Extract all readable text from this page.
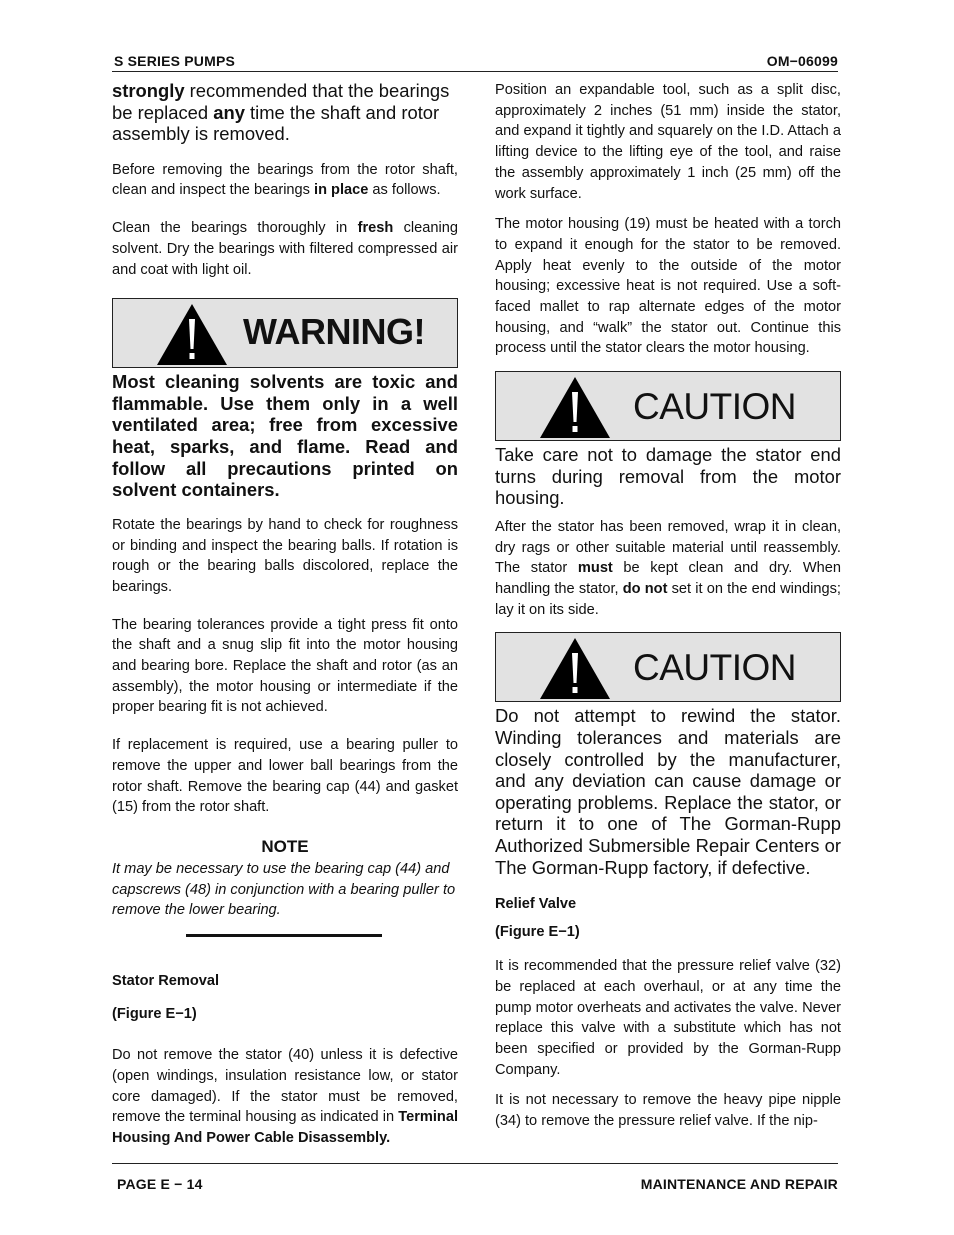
S SERIES PUMPS	OM−06099

strongly recommended that the bearings be replaced any time the shaft and rotor assembly is removed.

Before removing the bearings from the rotor shaft, clean and inspect the bearings in place as follows.

Clean the bearings thoroughly in fresh cleaning solvent. Dry the bearings with filtered compressed air and coat with light oil.

WARNING!

Most cleaning solvents are toxic and flammable. Use them only in a well ventilated area; free from excessive heat, sparks, and flame. Read and follow all precautions printed on solvent containers.

Rotate the bearings by hand to check for roughness or binding and inspect the bearing balls. If rotation is rough or the bearing balls discolored, replace the bearings.

The bearing tolerances provide a tight press fit onto the shaft and a snug slip fit into the motor housing and bearing bore. Replace the shaft and rotor (as an assembly), the motor housing or intermediate if the proper bearing fit is not achieved.

If replacement is required, use a bearing puller to remove the upper and lower ball bearings from the rotor shaft. Remove the bearing cap (44) and gasket (15) from the rotor shaft.

NOTE

It may be necessary to use the bearing cap (44) and capscrews (48) in conjunction with a bearing puller to remove the lower bearing.

Stator Removal
(Figure E−1)

Do not remove the stator (40) unless it is defective (open windings, insulation resistance low, or stator core damaged). If the stator must be removed, remove the terminal housing as indicated in Terminal Housing And Power Cable Disassembly.

Position an expandable tool, such as a split disc, approximately 2 inches (51 mm) inside the stator, and expand it tightly and squarely on the I.D. Attach a lifting device to the lifting eye of the tool, and raise the assembly approximately 1 inch (25 mm) off the work surface.

The motor housing (19) must be heated with a torch to expand it enough for the stator to be removed. Apply heat evenly to the outside of the motor housing; excessive heat is not required. Use a soft-faced mallet to rap alternate edges of the motor housing, and “walk” the stator out. Continue this process until the stator clears the motor housing.

CAUTION

Take care not to damage the stator end turns during removal from the motor housing.

After the stator has been removed, wrap it in clean, dry rags or other suitable material until reassembly. The stator must be kept clean and dry. When handling the stator, do not set it on the end windings; lay it on its side.

CAUTION

Do not attempt to rewind the stator. Winding tolerances and materials are closely controlled by the manufacturer, and any deviation can cause damage or operating problems. Replace the stator, or return it to one of The Gorman-Rupp Authorized Submersible Repair Centers or The Gorman-Rupp factory, if defective.

Relief Valve
(Figure E−1)

It is recommended that the pressure relief valve (32) be replaced at each overhaul, or at any time the pump motor overheats and activates the valve. Never replace this valve with a substitute which has not been specified or provided by the Gorman-Rupp Company.

It is not necessary to remove the heavy pipe nipple (34) to remove the pressure relief valve. If the nip-

PAGE E − 14	MAINTENANCE AND REPAIR
